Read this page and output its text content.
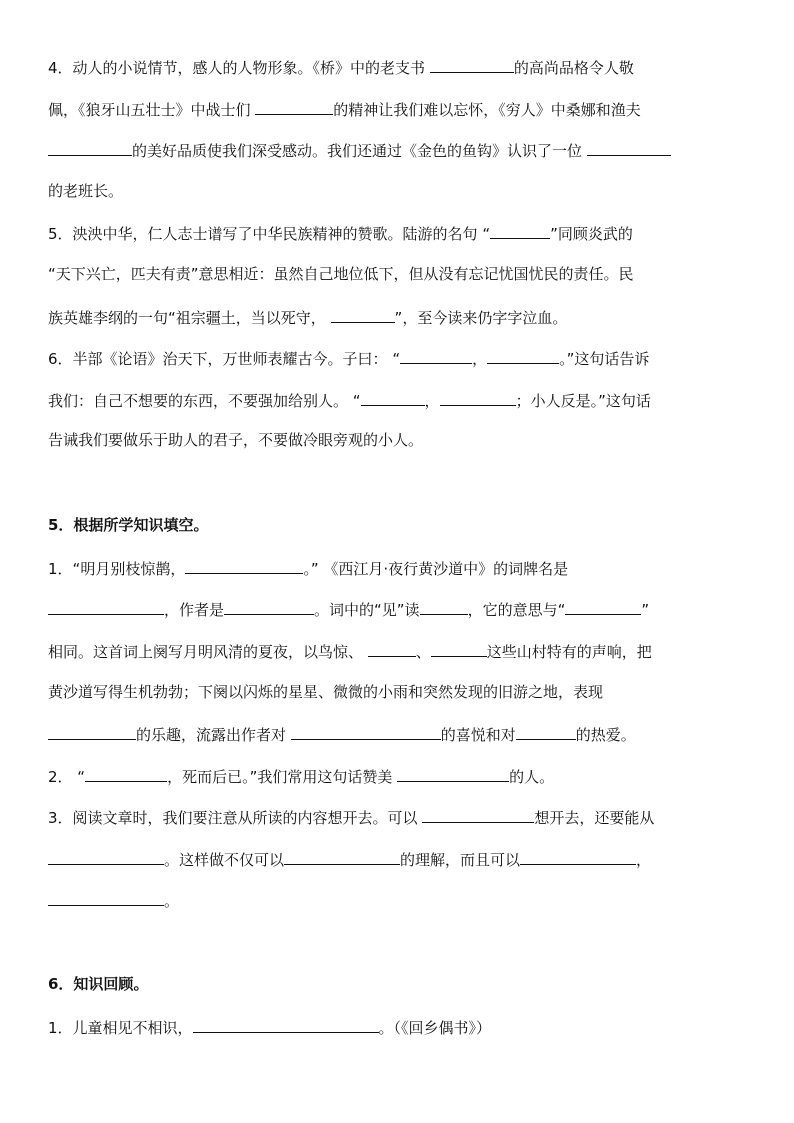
4．动人的小说情节，感人的人物形象。《桥》中的老支书	的高尚品格令人敬

佩，《狼牙山五壮士》中战士们	的精神让我们难以忘怀，《穷人》中桑娜和渔夫

的美好品质使我们深受感动。我们还通过《金色的鱼钩》认识了一位

的老班长。

5．泱泱中华，仁人志士谱写了中华民族精神的赞歌。陆游的名句 “	”同顾炎武的

“天下兴亡，匹夫有责”意思相近：虽然自己地位低下，但从没有忘记忧国忧民的责任。民

族英雄李纲的一句“祖宗疆土，当以死守，	”，至今读来仍字字泣血。

6．半部《论语》治天下，万世师表耀古今。子曰： “	，	。”这句话告诉

我们：自己不想要的东西，不要强加给别人。 “	，	；小人反是。”这句话

告诫我们要做乐于助人的君子，不要做冷眼旁观的小人。

5．根据所学知识填空。

1．“明月别枝惊鹊，	。” 《西江月·夜行黄沙道中》的词牌名是

，作者是	。词中的“见”读	，它的意思与“	”

相同。这首词上阕写月明风清的夏夜，以鸟惊、	、	这些山村特有的声响，把

黄沙道写得生机勃勃；下阕以闪烁的星星、微微的小雨和突然发现的旧游之地，表现

的乐趣，流露出作者对	的喜悦和对	的热爱。

2． “	，死而后已。”我们常用这句话赞美	的人。

3．阅读文章时，我们要注意从所读的内容想开去。可以	想开去，还要能从

。这样做不仅可以	的理解，而且可以	，

。

6．知识回顾。

1．儿童相见不相识，	。（《回乡偶书》）
